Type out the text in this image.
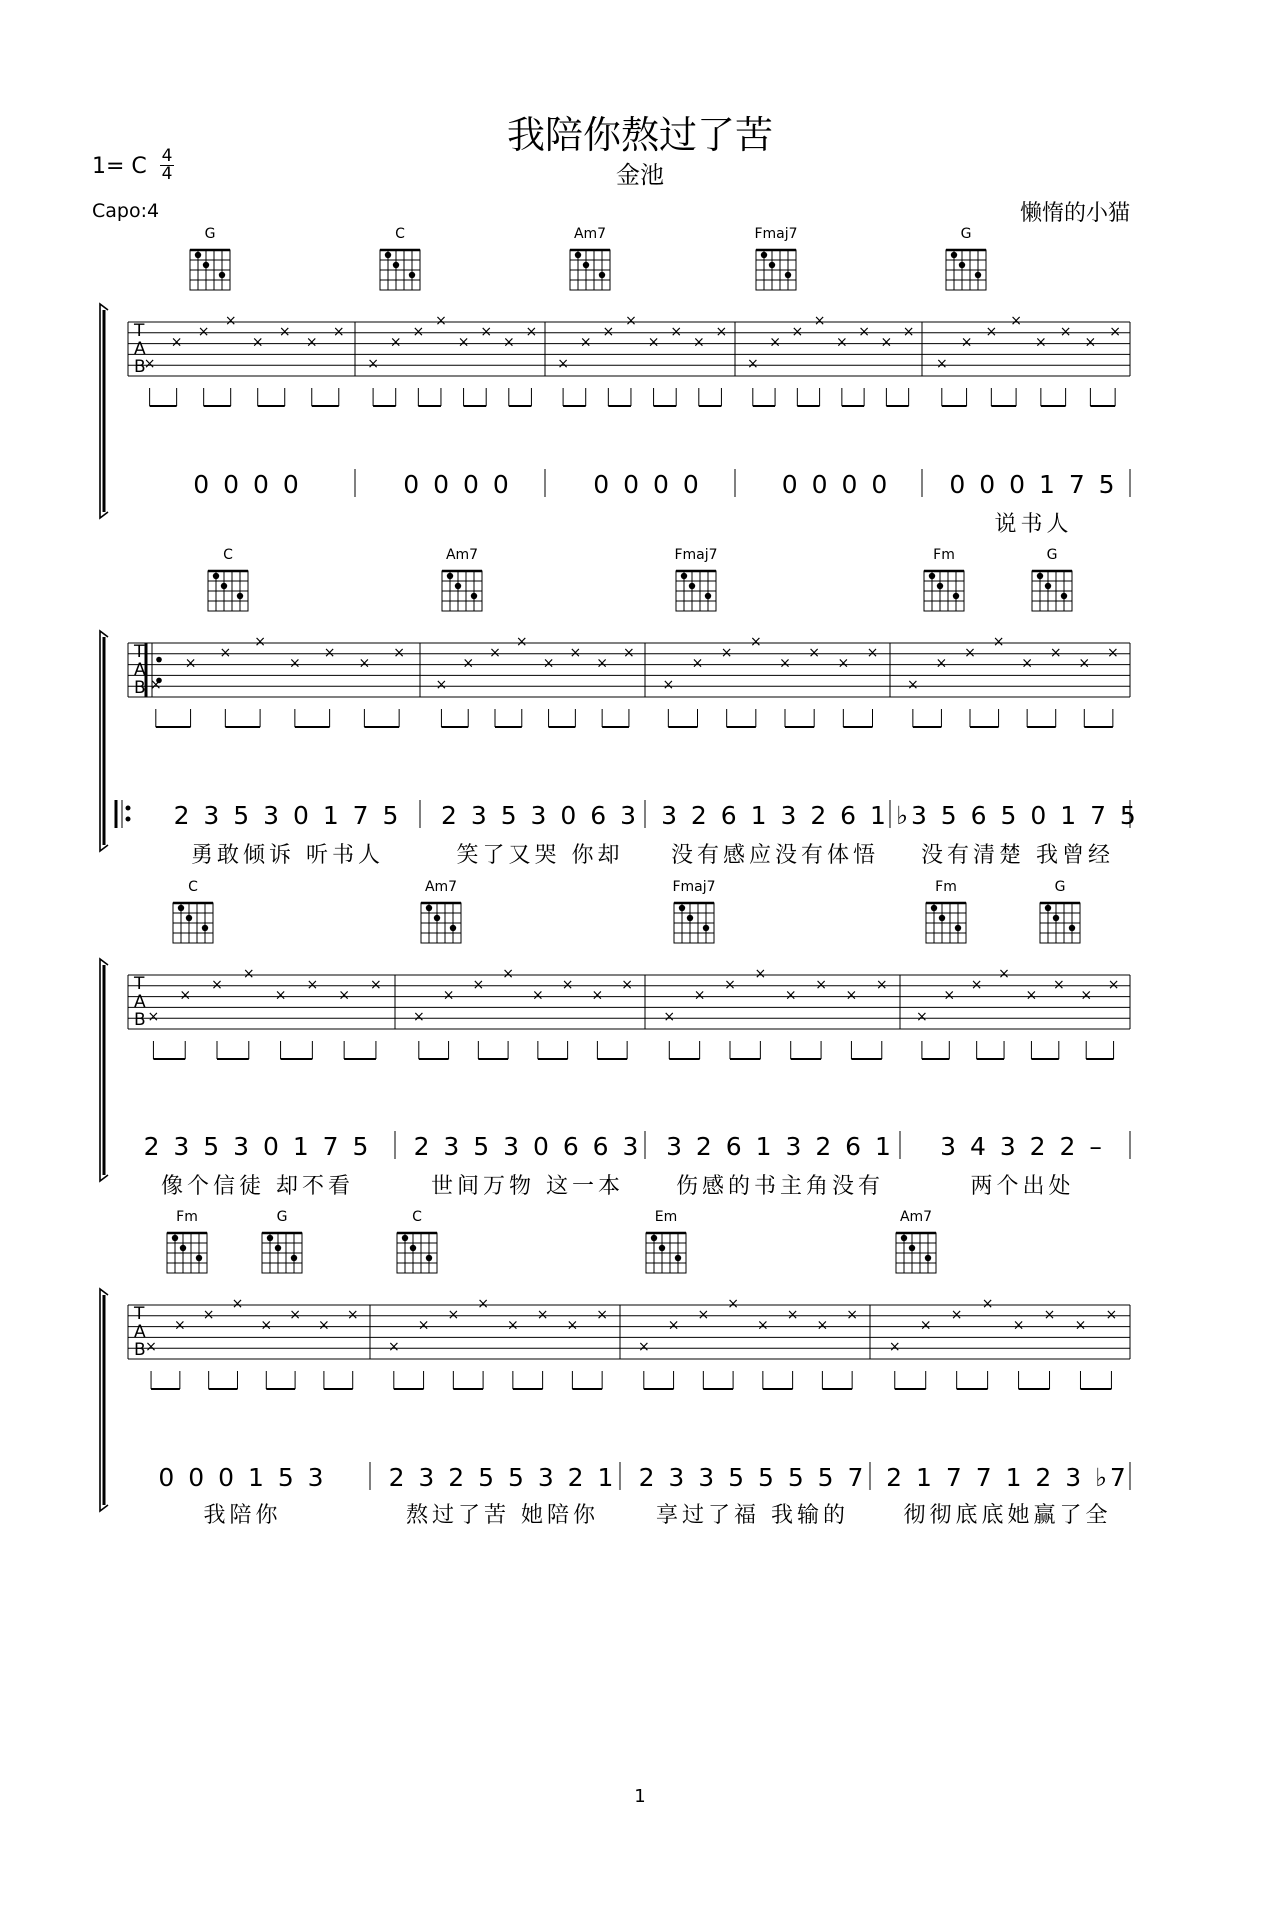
我陪你熬过了苦
1= C 4
4	金池
Capo:4	懒惰的小猫
T
A
B
G	C	Am7	Fmaj7	G
×
×
×
×
×
×
×
×
×
×
×
×
×
×
×
×
×
×
×
×
×
×
×
×
×
×
×
×
×
×
×
×
×
×
×
×
×
×
×
×
0 0 0 0	0 0 0 0	0 0 0 0	0 0 0 0 0 0 0 1 7 5
说书人
T
A
B
C	Am7	Fmaj7	Fm	G
×
×
×
×
×
×
×
×
×
×
×
×
×
×
×
×
×
×
×
×
×
×
×
×
×
×
×
×
×
×
×
×
2 3 5 3 0 1 7 5
勇敢倾诉 听书人
2 3 5 3 0 6 3
笑了又哭 你却
3 2 6 1 3 2 6 1
没有感应没有体悟
♭3 5 6 5 0 1 7 5
没有清楚 我曾经
T
A
B
C	Am7	Fmaj7	Fm	G
×
×
×
×
×
×
×
×
×
×
×
×
×
×
×
×
×
×
×
×
×
×
×
×
×
×
×
×
×
×
×
×
2 3 5 3 0 1 7 5
像个信徒 却不看
2 3 5 3 0 6 6 3
世间万物 这一本
3 2 6 1 3 2 6 1
伤感的书主角没有
3 4 3 2 2 –
两个出处
T
A
B
Fm	G	C	Em	Am7
×
×
×
×
×
×
×
×
×
×
×
×
×
×
×
×
×
×
×
×
×
×
×
×
×
×
×
×
×
×
×
×
0 0 0 1 5 3
我陪你
2 3 2 5 5 3 2 1
熬过了苦 她陪你
2 3 3 5 5 5 5 7
享过了福 我输的
2 1 7 7 1 2 3 ♭7
彻彻底底她赢了全
1
